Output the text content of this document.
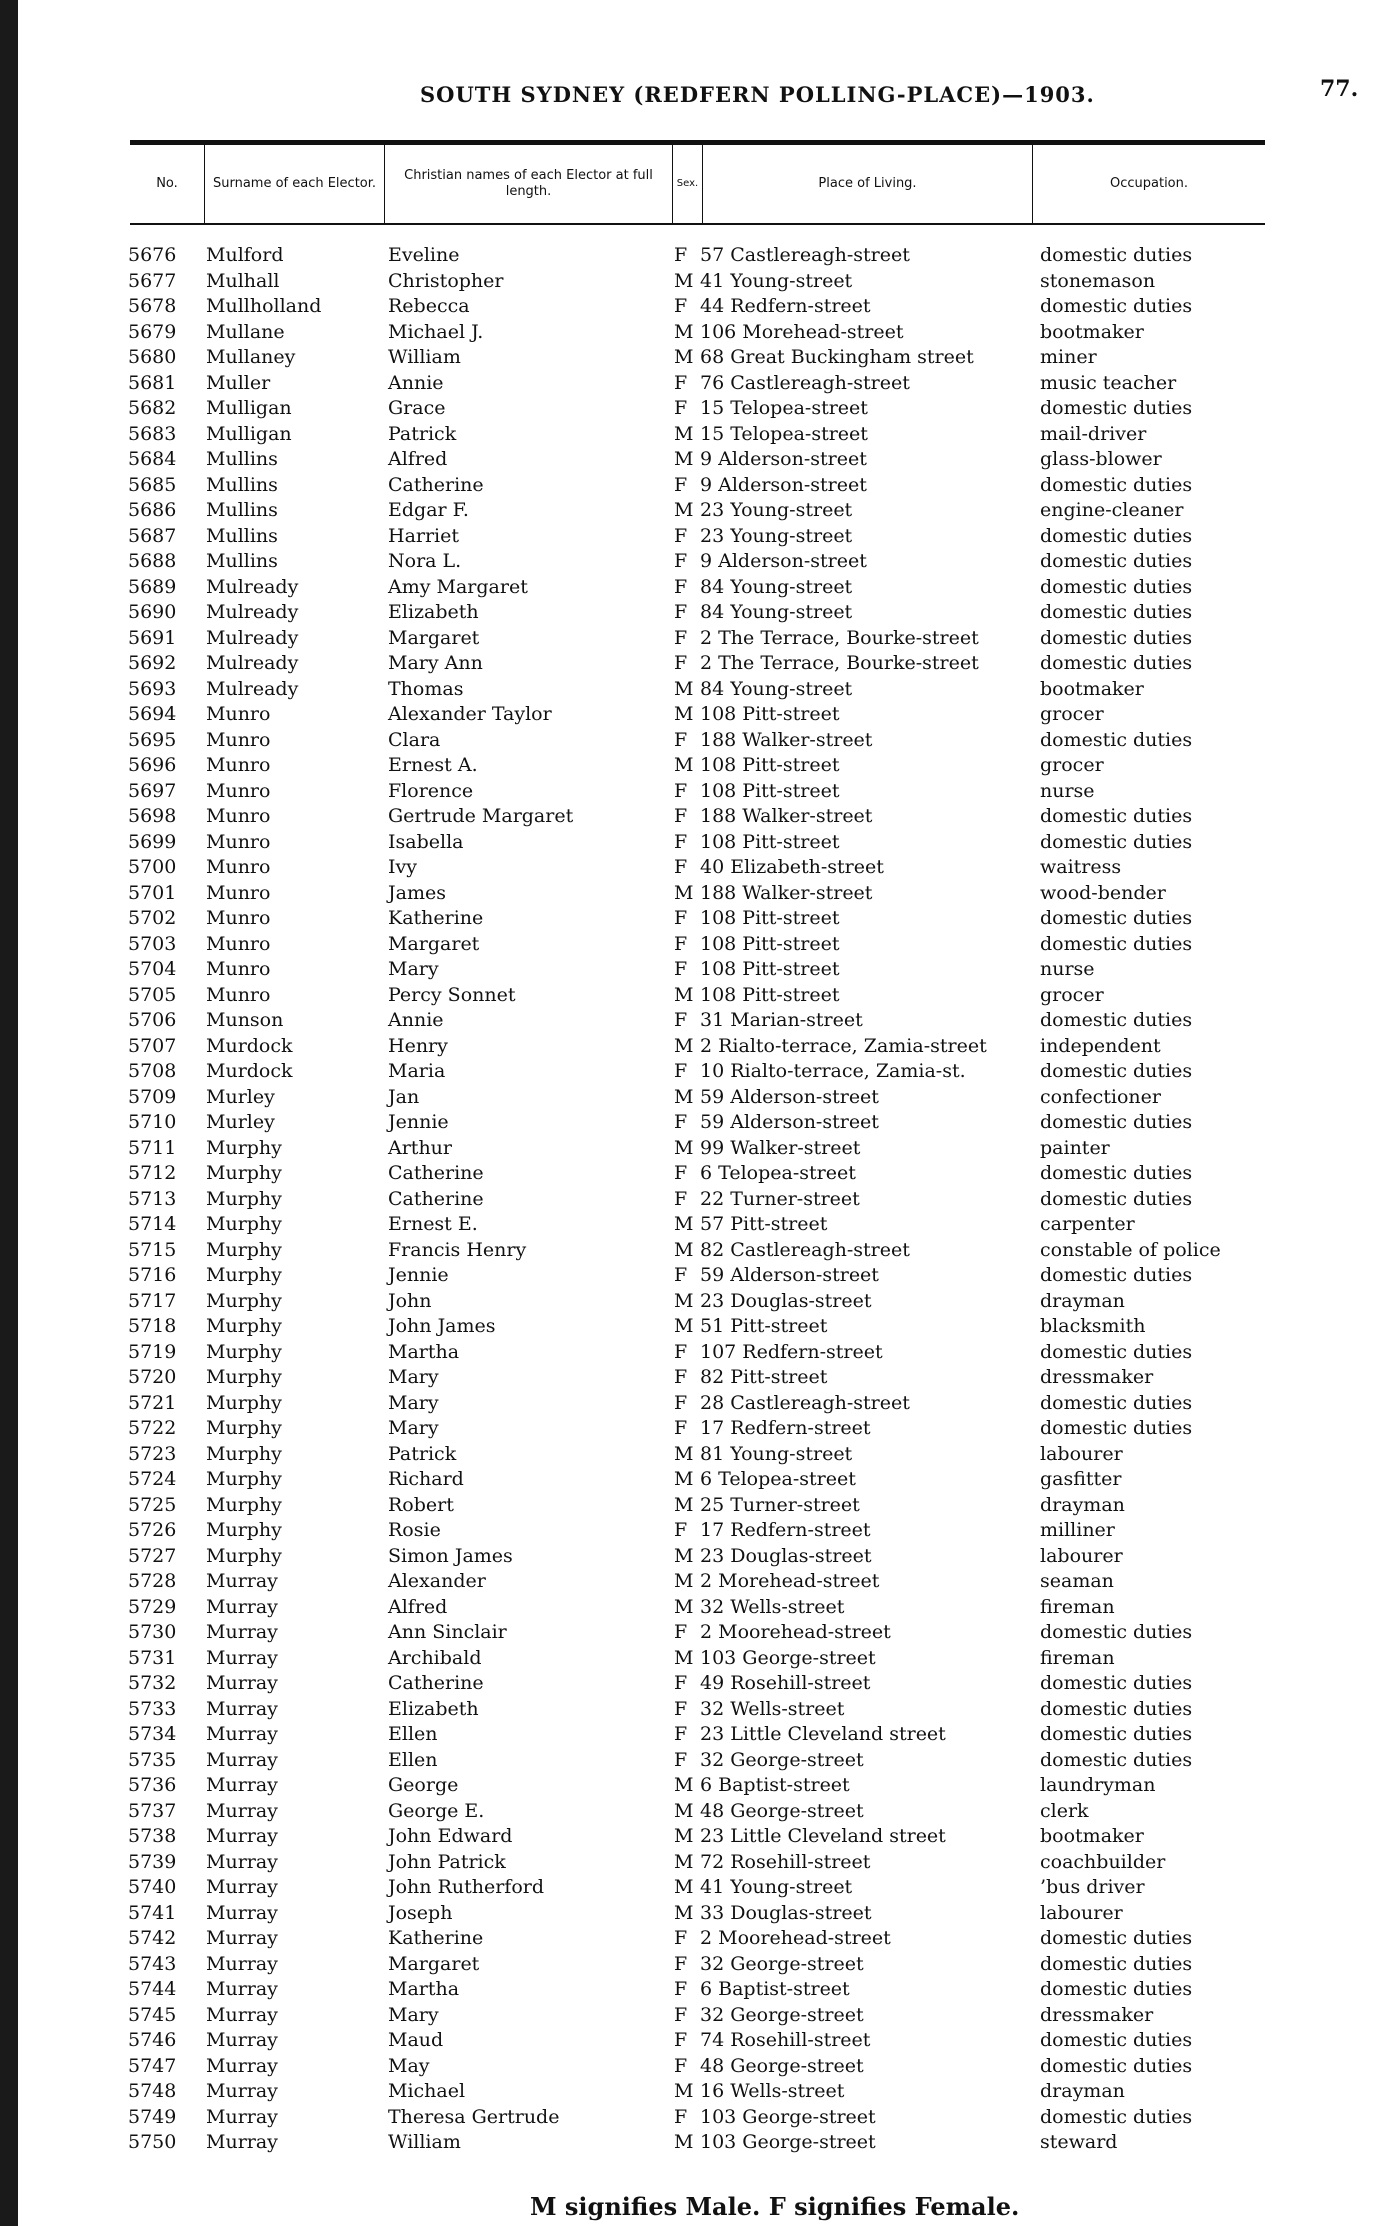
SOUTH SYDNEY (REDFERN POLLING-PLACE)—1903.	77.
No.	Surname of each Elector.
Christian names of each Elector at full length.
Sex.	Place of Living.	Occupation.
5676 Mulford	Eveline	F 57 Castlereagh-street	domestic duties
5677 Mulhall	Christopher	M 41 Young-street	stonemason
5678 Mullholland	Rebecca	F 44 Redfern-street	domestic duties
5679 Mullane	Michael J.	M 106 Morehead-street	bootmaker
5680 Mullaney	William	M 68 Great Buckingham street	miner
5681 Muller	Annie	F 76 Castlereagh-street	music teacher
5682 Mulligan	Grace	F 15 Telopea-street	domestic duties
5683 Mulligan	Patrick	M 15 Telopea-street	mail-driver
5684 Mullins	Alfred	M 9 Alderson-street	glass-blower
5685 Mullins	Catherine	F 9 Alderson-street	domestic duties
5686 Mullins	Edgar F.	M 23 Young-street	engine-cleaner
5687 Mullins	Harriet	F 23 Young-street	domestic duties
5688 Mullins	Nora L.	F 9 Alderson-street	domestic duties
5689 Mulready	Amy Margaret	F 84 Young-street	domestic duties
5690 Mulready	Elizabeth	F 84 Young-street	domestic duties
5691 Mulready	Margaret	F 2 The Terrace, Bourke-street	domestic duties
5692 Mulready	Mary Ann	F 2 The Terrace, Bourke-street	domestic duties
5693 Mulready	Thomas	M 84 Young-street	bootmaker
5694 Munro	Alexander Taylor	M 108 Pitt-street	grocer
5695 Munro	Clara	F 188 Walker-street	domestic duties
5696 Munro	Ernest A.	M 108 Pitt-street	grocer
5697 Munro	Florence	F 108 Pitt-street	nurse
5698 Munro	Gertrude Margaret	F 188 Walker-street	domestic duties
5699 Munro	Isabella	F 108 Pitt-street	domestic duties
5700 Munro	Ivy	F 40 Elizabeth-street	waitress
5701 Munro	James	M 188 Walker-street	wood-bender
5702 Munro	Katherine	F 108 Pitt-street	domestic duties
5703 Munro	Margaret	F 108 Pitt-street	domestic duties
5704 Munro	Mary	F 108 Pitt-street	nurse
5705 Munro	Percy Sonnet	M 108 Pitt-street	grocer
5706 Munson	Annie	F 31 Marian-street	domestic duties
5707 Murdock	Henry	M 2 Rialto-terrace, Zamia-street	independent
5708 Murdock	Maria	F 10 Rialto-terrace, Zamia-st.	domestic duties
5709 Murley	Jan	M 59 Alderson-street	confectioner
5710 Murley	Jennie	F 59 Alderson-street	domestic duties
5711 Murphy	Arthur	M 99 Walker-street	painter
5712 Murphy	Catherine	F 6 Telopea-street	domestic duties
5713 Murphy	Catherine	F 22 Turner-street	domestic duties
5714 Murphy	Ernest E.	M 57 Pitt-street	carpenter
5715 Murphy	Francis Henry	M 82 Castlereagh-street	constable of police
5716 Murphy	Jennie	F 59 Alderson-street	domestic duties
5717 Murphy	John	M 23 Douglas-street	drayman
5718 Murphy	John James	M 51 Pitt-street	blacksmith
5719 Murphy	Martha	F 107 Redfern-street	domestic duties
5720 Murphy	Mary	F 82 Pitt-street	dressmaker
5721 Murphy	Mary	F 28 Castlereagh-street	domestic duties
5722 Murphy	Mary	F 17 Redfern-street	domestic duties
5723 Murphy	Patrick	M 81 Young-street	labourer
5724 Murphy	Richard	M 6 Telopea-street	gasfitter
5725 Murphy	Robert	M 25 Turner-street	drayman
5726 Murphy	Rosie	F 17 Redfern-street	milliner
5727 Murphy	Simon James	M 23 Douglas-street	labourer
5728 Murray	Alexander	M 2 Morehead-street	seaman
5729 Murray	Alfred	M 32 Wells-street	fireman
5730 Murray	Ann Sinclair	F 2 Moorehead-street	domestic duties
5731 Murray	Archibald	M 103 George-street	fireman
5732 Murray	Catherine	F 49 Rosehill-street	domestic duties
5733 Murray	Elizabeth	F 32 Wells-street	domestic duties
5734 Murray	Ellen	F 23 Little Cleveland street	domestic duties
5735 Murray	Ellen	F 32 George-street	domestic duties
5736 Murray	George	M 6 Baptist-street	laundryman
5737 Murray	George E.	M 48 George-street	clerk
5738 Murray	John Edward	M 23 Little Cleveland street	bootmaker
5739 Murray	John Patrick	M 72 Rosehill-street	coachbuilder
5740 Murray	John Rutherford	M 41 Young-street	’bus driver
5741 Murray	Joseph	M 33 Douglas-street	labourer
5742 Murray	Katherine	F 2 Moorehead-street	domestic duties
5743 Murray	Margaret	F 32 George-street	domestic duties
5744 Murray	Martha	F 6 Baptist-street	domestic duties
5745 Murray	Mary	F 32 George-street	dressmaker
5746 Murray	Maud	F 74 Rosehill-street	domestic duties
5747 Murray	May	F 48 George-street	domestic duties
5748 Murray	Michael	M 16 Wells-street	drayman
5749 Murray	Theresa Gertrude	F 103 George-street	domestic duties
5750 Murray	William	M 103 George-street	steward
M signifies Male. F signifies Female.
